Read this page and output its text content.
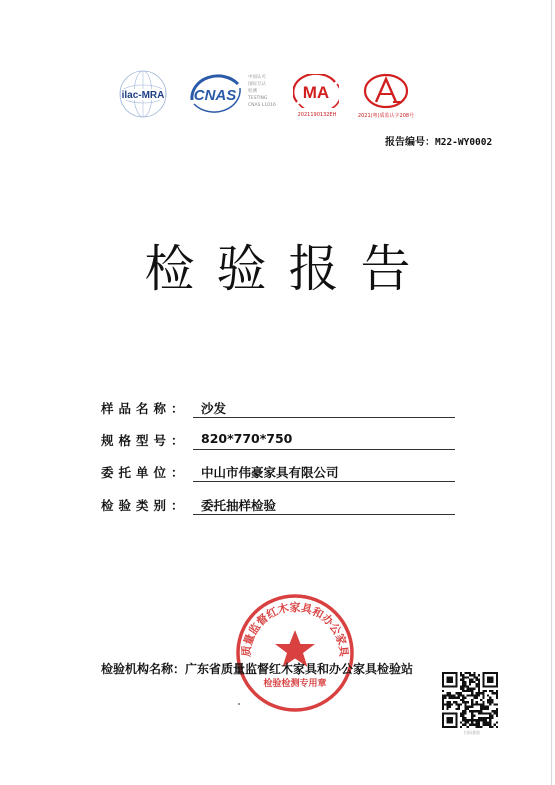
ilac-MRA CNAS
中国认可
国际互认
检测
TESTING
CNAS L1016
MA
2021190132EH	2021(粤)质监认字208号
报告编号：M22-WY0002
检验报告
样品名称： 沙发
规格型号： 820*770*750
委托单位： 中山市伟豪家具有限公司
检验类别： 委托抽样检验
质量监督红木家具和办公家具
检验检测专用章
检验机构名称：广东省质量监督红木家具和办公家具检验站
扫码查验
